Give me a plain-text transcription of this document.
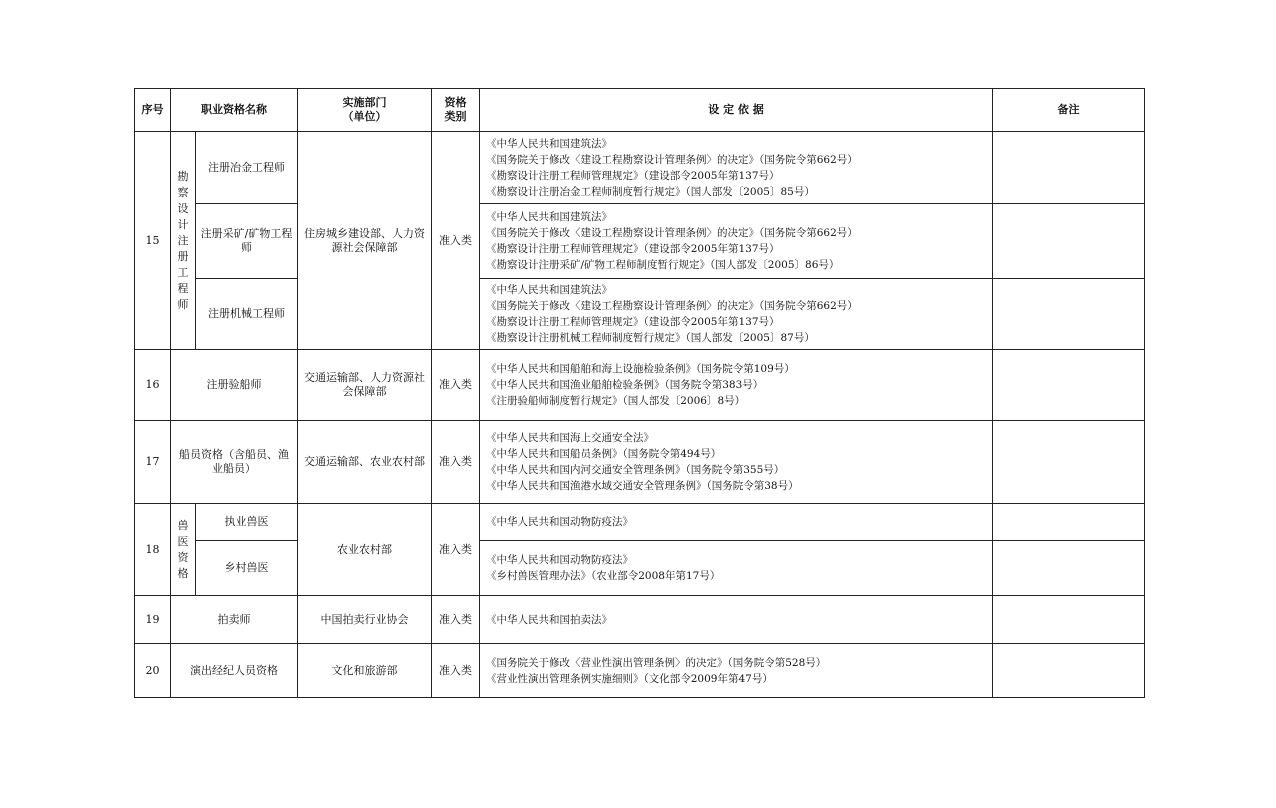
序号	职业资格名称		实施部门
（单位）	资格
类别	设 定 依 据	备注
15	勘察设计注册工程师	注册冶金工程师	住房城乡建设部、人力资源社会保障部	准入类	《中华人民共和国建筑法》
《国务院关于修改〈建设工程勘察设计管理条例〉的决定》（国务院令第662号）
《勘察设计注册工程师管理规定》（建设部令2005年第137号）
《勘察设计注册冶金工程师制度暂行规定》（国人部发〔2005〕85号）	

		注册采矿/矿物工程师			《中华人民共和国建筑法》
《国务院关于修改〈建设工程勘察设计管理条例〉的决定》（国务院令第662号）
《勘察设计注册工程师管理规定》（建设部令2005年第137号）
《勘察设计注册采矿/矿物工程师制度暂行规定》（国人部发〔2005〕86号）	

		注册机械工程师			《中华人民共和国建筑法》
《国务院关于修改〈建设工程勘察设计管理条例〉的决定》（国务院令第662号）
《勘察设计注册工程师管理规定》（建设部令2005年第137号）
《勘察设计注册机械工程师制度暂行规定》（国人部发〔2005〕87号）	

16	注册验船师		交通运输部、人力资源社会保障部	准入类	《中华人民共和国船舶和海上设施检验条例》（国务院令第109号）
《中华人民共和国渔业船舶检验条例》（国务院令第383号）
《注册验船师制度暂行规定》（国人部发〔2006〕8号）	

17	船员资格（含船员、渔业船员）		交通运输部、农业农村部	准入类	《中华人民共和国海上交通安全法》
《中华人民共和国船员条例》（国务院令第494号）
《中华人民共和国内河交通安全管理条例》（国务院令第355号）
《中华人民共和国渔港水域交通安全管理条例》（国务院令第38号）	

18	兽医资格	执业兽医	农业农村部	准入类	《中华人民共和国动物防疫法》	

		乡村兽医			《中华人民共和国动物防疫法》
《乡村兽医管理办法》（农业部令2008年第17号）	

19	拍卖师		中国拍卖行业协会	准入类	《中华人民共和国拍卖法》	

20	演出经纪人员资格		文化和旅游部	准入类	《国务院关于修改〈营业性演出管理条例〉的决定》（国务院令第528号）
《营业性演出管理条例实施细则》（文化部令2009年第47号）	
